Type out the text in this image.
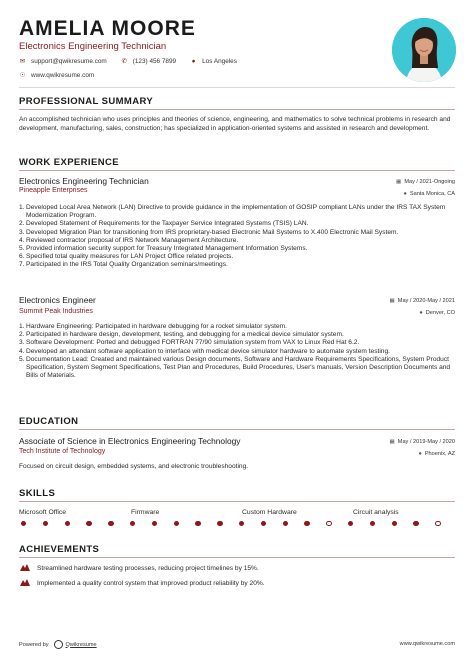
AMELIA MOORE
Electronics Engineering Technician
✉ support@qwikresume.com ✆ (123) 456 7899 ● Los Angeles
☉ www.qwikresume.com
PROFESSIONAL SUMMARY
An accomplished technician who uses principles and theories of science, engineering, and mathematics to solve technical problems in research and development, manufacturing, sales, construction; has specialized in application-oriented systems and assisted in research and development.
WORK EXPERIENCE
Electronics Engineering Technician	▦ May / 2021-Ongoing
Pineapple Enterprises	● Santa Monica, CA
1. Developed Local Area Network (LAN) Directive to provide guidance in the implementation of GOSIP compliant LANs under the IRS TAX System Modernization Program.
2. Developed Statement of Requirements for the Taxpayer Service Integrated Systems (TSIS) LAN.
3. Developed Migration Plan for transitioning from IRS proprietary-based Electronic Mail Systems to X.400 Electronic Mail System.
4. Reviewed contractor proposal of IRS Network Management Architecture.
5. Provided information security support for Treasury Integrated Management Information Systems.
6. Specified total quality measures for LAN Project Office related projects.
7. Participated in the IRS Total Quality Organization seminars/meetings.
Electronics Engineer	▦ May / 2020-May / 2021
Summit Peak Industries	● Denver, CO
1. Hardware Engineering: Participated in hardware debugging for a rocket simulator system.
2. Participated in hardware design, development, testing, and debugging for a medical device simulator system.
3. Software Development: Ported and debugged FORTRAN 77/90 simulation system from VAX to Linux Red Hat 6.2.
4. Developed an attendant software application to interface with medical device simulator hardware to automate system testing.
5. Documentation Lead: Created and maintained various Design documents, Software and Hardware Requirements Specifications, System Product Specification, System Segment Specifications, Test Plan and Procedures, Build Procedures, User's manuals, Version Description Documents and Bills of Materials.
EDUCATION
Associate of Science in Electronics Engineering Technology	▦ May / 2019-May / 2020
Tech Institute of Technology	● Phoenix, AZ
Focused on circuit design, embedded systems, and electronic troubleshooting.
SKILLS
Microsoft Office	Firmware	Custom Hardware	Circuit analysis
ACHIEVEMENTS
Streamlined hardware testing processes, reducing project timelines by 15%.
Implemented a quality control system that improved product reliability by 20%.
Powered by	Qwikresume	www.qwikresume.com
